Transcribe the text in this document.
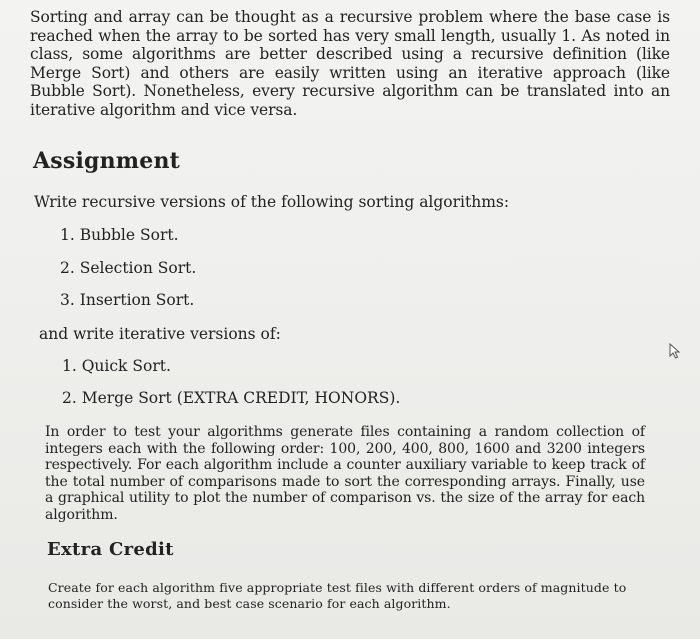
Sorting and array can be thought as a recursive problem where the base case is reached when the array to be sorted has very small length, usually 1. As noted in class, some algorithms are better described using a recursive definition (like Merge Sort) and others are easily written using an iterative approach (like Bubble Sort). Nonetheless, every recursive algorithm can be translated into an iterative algorithm and vice versa.
Assignment
Write recursive versions of the following sorting algorithms:
1. Bubble Sort.
2. Selection Sort.
3. Insertion Sort.
and write iterative versions of:
1. Quick Sort.
2. Merge Sort (EXTRA CREDIT, HONORS).
In order to test your algorithms generate files containing a random collection of integers each with the following order: 100, 200, 400, 800, 1600 and 3200 integers respectively. For each algorithm include a counter auxiliary variable to keep track of the total number of comparisons made to sort the corresponding arrays. Finally, use a graphical utility to plot the number of comparison vs. the size of the array for each algorithm.
Extra Credit
Create for each algorithm five appropriate test files with different orders of magnitude to consider the worst, and best case scenario for each algorithm.
